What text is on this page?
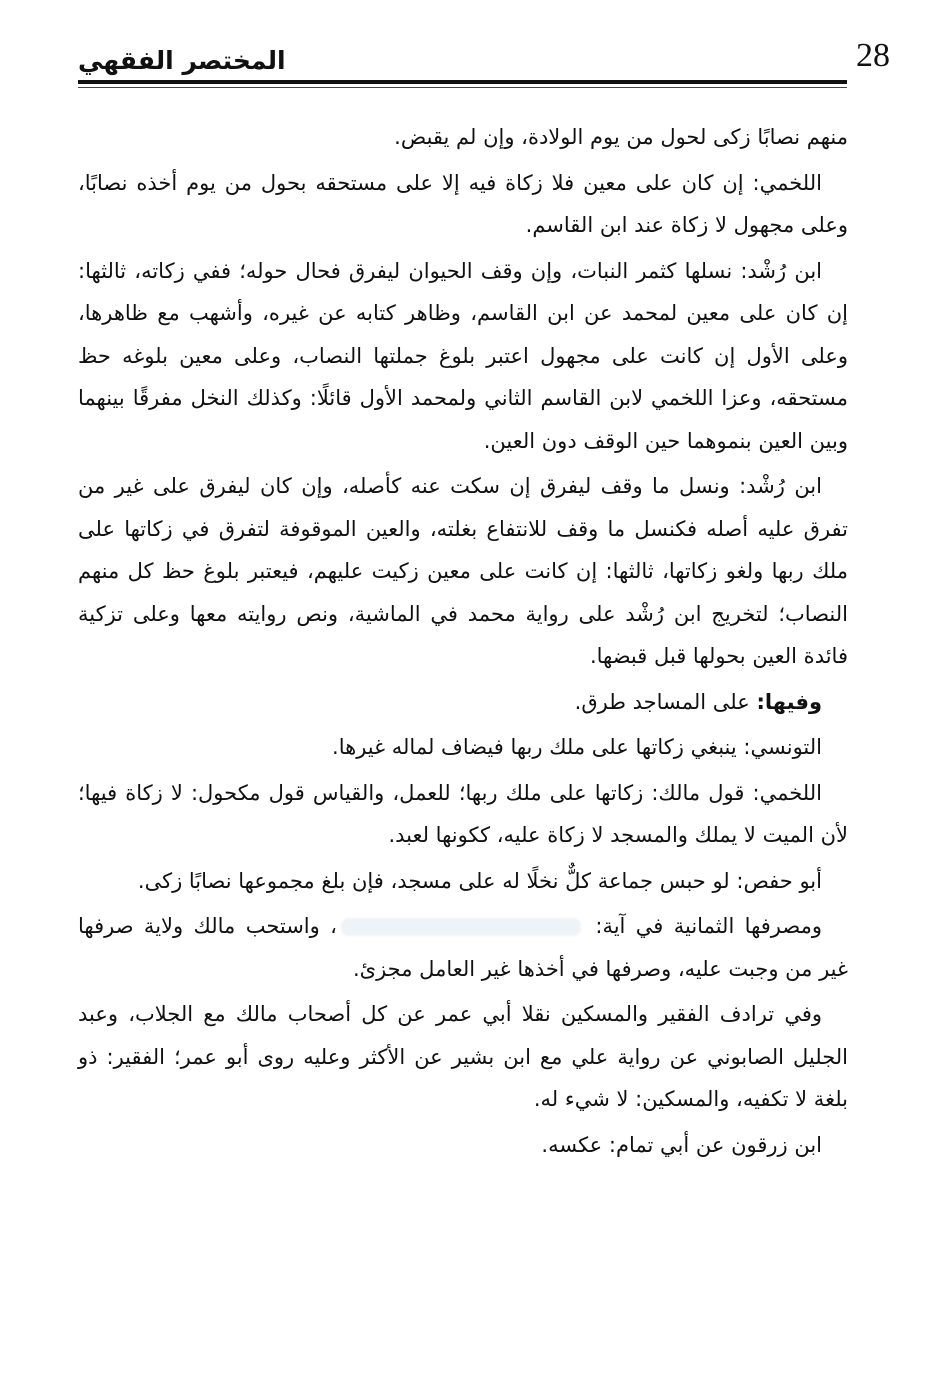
28
المختصر الفقهي

منهم نصابًا زكى لحول من يوم الولادة، وإن لم يقبض.

اللخمي: إن كان على معين فلا زكاة فيه إلا على مستحقه بحول من يوم أخذه نصابًا، وعلى مجهول لا زكاة عند ابن القاسم.

ابن رُشْد: نسلها كثمر النبات، وإن وقف الحيوان ليفرق فحال حوله؛ ففي زكاته، ثالثها: إن كان على معين لمحمد عن ابن القاسم، وظاهر كتابه عن غيره، وأشهب مع ظاهرها، وعلى الأول إن كانت على مجهول اعتبر بلوغ جملتها النصاب، وعلى معين بلوغه حظ مستحقه، وعزا اللخمي لابن القاسم الثاني ولمحمد الأول قائلًا: وكذلك النخل مفرقًا بينهما وبين العين بنموهما حين الوقف دون العين.

ابن رُشْد: ونسل ما وقف ليفرق إن سكت عنه كأصله، وإن كان ليفرق على غير من تفرق عليه أصله فكنسل ما وقف للانتفاع بغلته، والعين الموقوفة لتفرق في زكاتها على ملك ربها ولغو زكاتها، ثالثها: إن كانت على معين زكيت عليهم، فيعتبر بلوغ حظ كل منهم النصاب؛ لتخريج ابن رُشْد على رواية محمد في الماشية، ونص روايته معها وعلى تزكية فائدة العين بحولها قبل قبضها.

وفيها: على المساجد طرق.

التونسي: ينبغي زكاتها على ملك ربها فيضاف لماله غيرها.

اللخمي: قول مالك: زكاتها على ملك ربها؛ للعمل، والقياس قول مكحول: لا زكاة فيها؛ لأن الميت لا يملك والمسجد لا زكاة عليه، ككونها لعبد.

أبو حفص: لو حبس جماعة كلٌّ نخلًا له على مسجد، فإن بلغ مجموعها نصابًا زكى.

ومصرفها الثمانية في آية: ، واستحب مالك ولاية صرفها غير من وجبت عليه، وصرفها في أخذها غير العامل مجزئ.

وفي ترادف الفقير والمسكين نقلا أبي عمر عن كل أصحاب مالك مع الجلاب، وعبد الجليل الصابوني عن رواية علي مع ابن بشير عن الأكثر وعليه روى أبو عمر؛ الفقير: ذو بلغة لا تكفيه، والمسكين: لا شيء له.

ابن زرقون عن أبي تمام: عكسه.
